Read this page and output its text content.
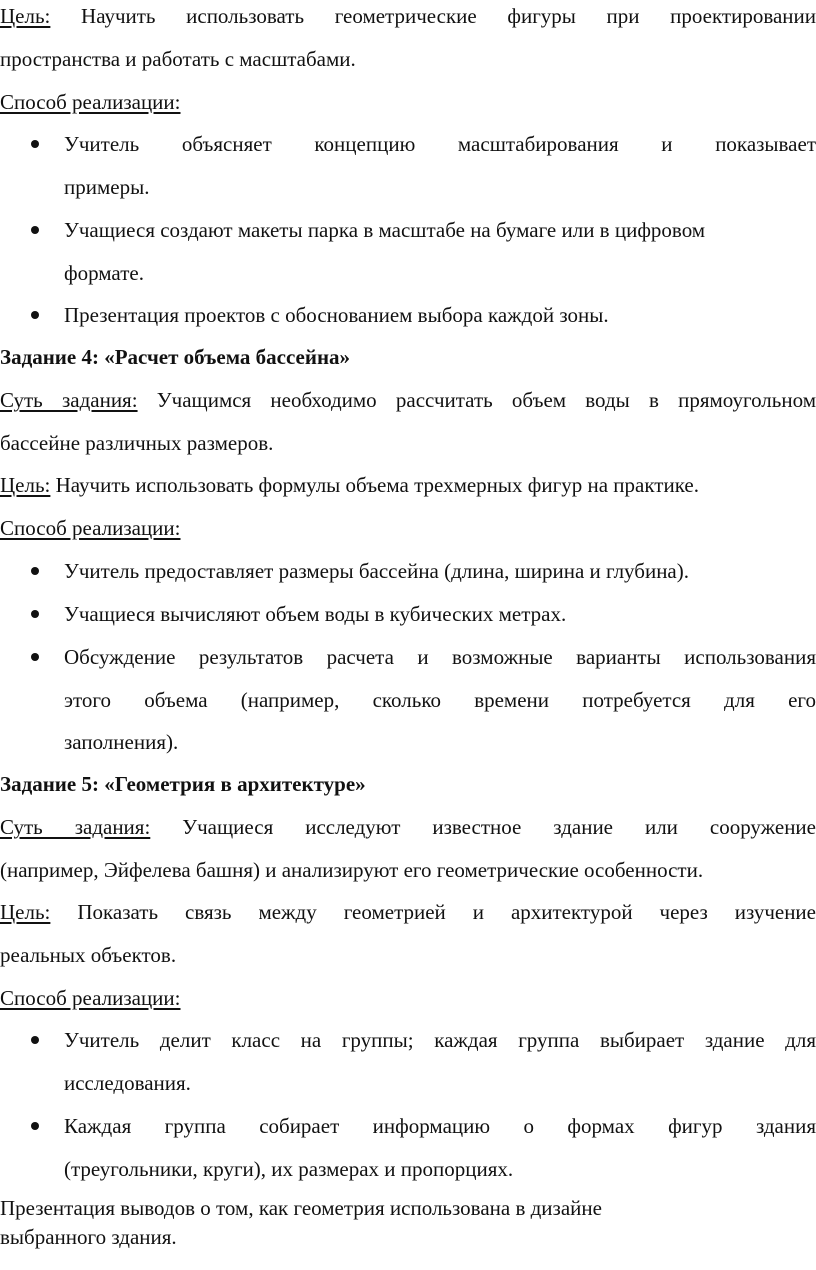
Цель: Научить использовать геометрические фигуры при проектировании

пространства и работать с масштабами.

Способ реализации:

Учитель объясняет концепцию масштабирования и показывает

примеры.

Учащиеся создают макеты парка в масштабе на бумаге или в цифровом

формате.

Презентация проектов с обоснованием выбора каждой зоны.

Задание 4: «Расчет объема бассейна»

Суть задания: Учащимся необходимо рассчитать объем воды в прямоугольном

бассейне различных размеров.

Цель: Научить использовать формулы объема трехмерных фигур на практике.

Способ реализации:

Учитель предоставляет размеры бассейна (длина, ширина и глубина).

Учащиеся вычисляют объем воды в кубических метрах.

Обсуждение результатов расчета и возможные варианты использования

этого объема (например, сколько времени потребуется для его

заполнения).

Задание 5: «Геометрия в архитектуре»

Суть задания: Учащиеся исследуют известное здание или сооружение

(например, Эйфелева башня) и анализируют его геометрические особенности.

Цель: Показать связь между геометрией и архитектурой через изучение

реальных объектов.

Способ реализации:

Учитель делит класс на группы; каждая группа выбирает здание для

исследования.

Каждая группа собирает информацию о формах фигур здания

(треугольники, круги), их размерах и пропорциях.

Презентация выводов о том, как геометрия использована в дизайне

выбранного здания.
